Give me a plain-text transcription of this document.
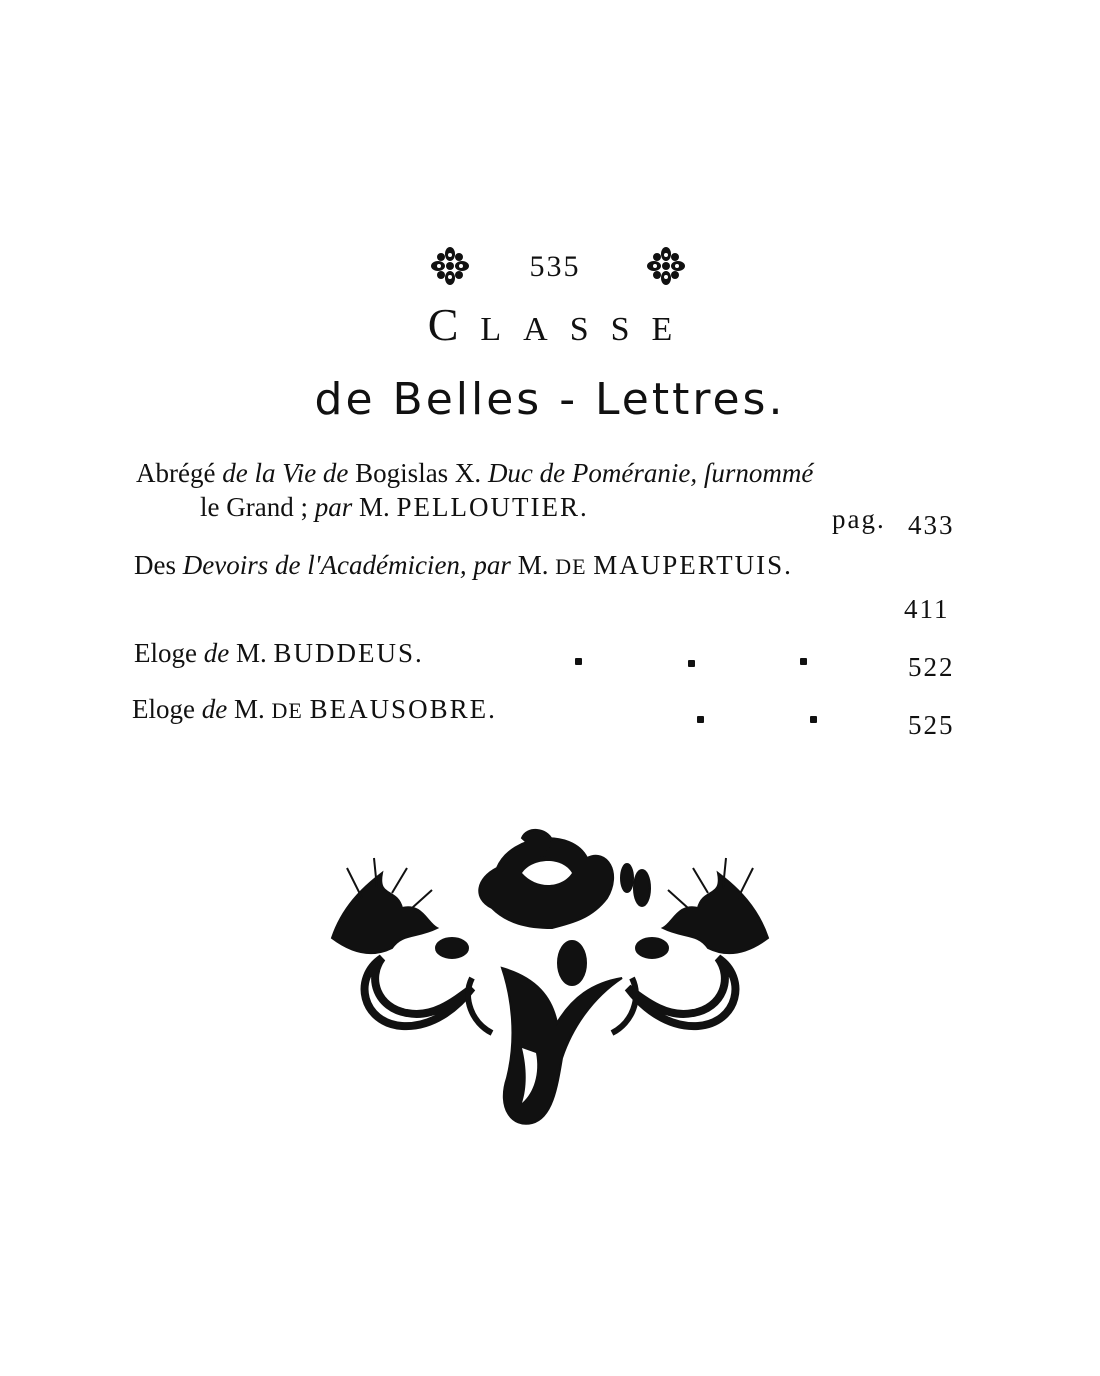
535
CLASSE
de Belles - Lettres.
Abrégé de la Vie de Bogislas X. Duc de Poméranie, ſurnommé
le Grand ; par M. PELLOUTIER.	pag. 433
Des Devoirs de l'Académicien, par M. DE MAUPERTUIS.
411
Eloge de M. BUDDEUS.	522
Eloge de M. DE BEAUSOBRE.
525
